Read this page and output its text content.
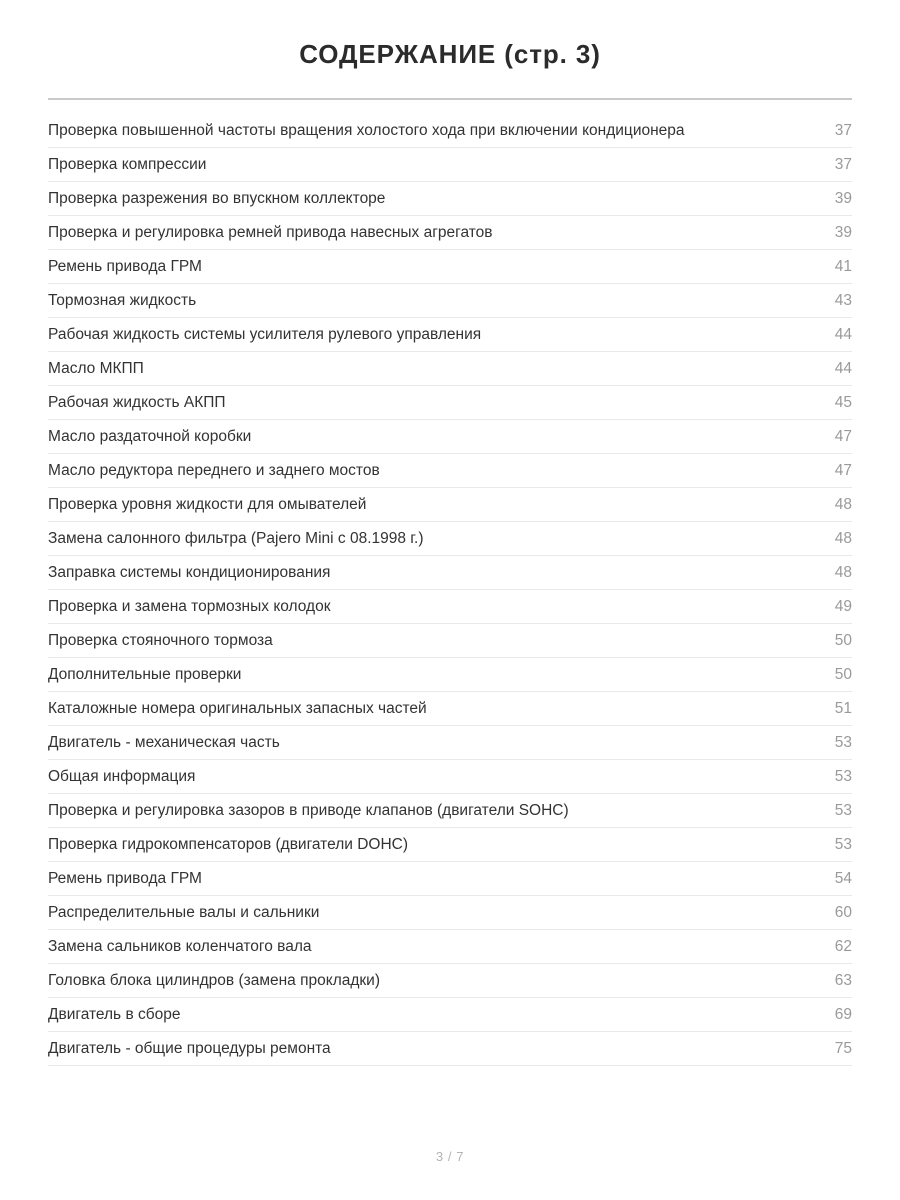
СОДЕРЖАНИЕ (стр. 3)
Проверка повышенной частоты вращения холостого хода при включении кондиционера	37
Проверка компрессии	37
Проверка разрежения во впускном коллекторе	39
Проверка и регулировка ремней привода навесных агрегатов	39
Ремень привода ГРМ	41
Тормозная жидкость	43
Рабочая жидкость системы усилителя рулевого управления	44
Масло МКПП	44
Рабочая жидкость АКПП	45
Масло раздаточной коробки	47
Масло редуктора переднего и заднего мостов	47
Проверка уровня жидкости для омывателей	48
Замена салонного фильтра (Pajero Mini с 08.1998 г.)	48
Заправка системы кондиционирования	48
Проверка и замена тормозных колодок	49
Проверка стояночного тормоза	50
Дополнительные проверки	50
Каталожные номера оригинальных запасных частей	51
Двигатель - механическая часть	53
Общая информация	53
Проверка и регулировка зазоров в приводе клапанов (двигатели SOHC)	53
Проверка гидрокомпенсаторов (двигатели DOHC)	53
Ремень привода ГРМ	54
Распределительные валы и сальники	60
Замена сальников коленчатого вала	62
Головка блока цилиндров (замена прокладки)	63
Двигатель в сборе	69
Двигатель - общие процедуры ремонта	75
3 / 7
